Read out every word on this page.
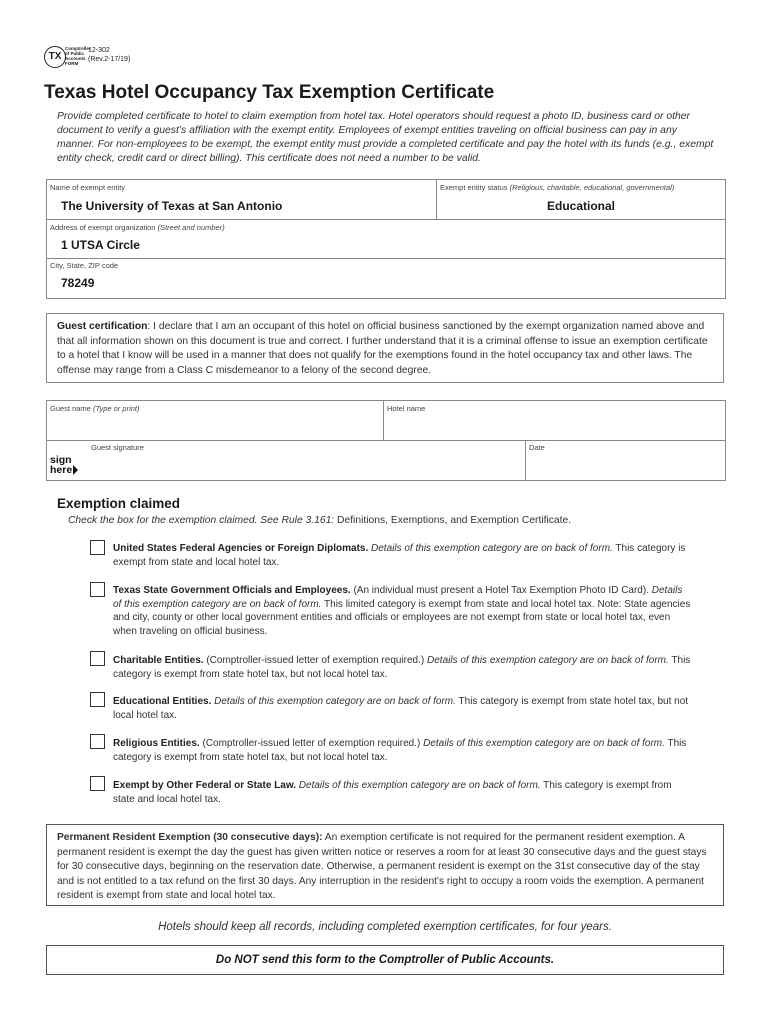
TX
Comptroller
of Public
Accounts
FORM
12-302
(Rev.2-17/19)
Texas Hotel Occupancy Tax Exemption Certificate

Provide completed certificate to hotel to claim exemption from hotel tax. Hotel operators should request a photo ID, business card or other document to verify a guest’s affiliation with the exempt entity. Employees of exempt entities traveling on official business can pay in any manner. For non-employees to be exempt, the exempt entity must provide a completed certificate and pay the hotel with its funds (e.g., exempt entity check, credit card or direct billing). This certificate does not need a number to be valid.

Name of exempt entity
The University of Texas at San Antonio
Exempt entity status (Religious, charitable, educational, governmental)
Educational
Address of exempt organization (Street and number)
1 UTSA Circle
City, State, ZIP code
78249
Guest certification: I declare that I am an occupant of this hotel on official business sanctioned by the exempt organization named above and that all information shown on this document is true and correct. I further understand that it is a criminal offense to issue an exemption certificate to a hotel that I know will be used in a manner that does not qualify for the exemptions found in the hotel occupancy tax and other laws. The offense may range from a Class C misdemeanor to a felony of the second degree.
Guest name (Type or print)	Hotel name
Guest signature
sign
here
Date
Exemption claimed
Check the box for the exemption claimed. See Rule 3.161: Definitions, Exemptions, and Exemption Certificate.
United States Federal Agencies or Foreign Diplomats. Details of this exemption category are on back of form. This category is exempt from state and local hotel tax.
Texas State Government Officials and Employees. (An individual must present a Hotel Tax Exemption Photo ID Card). Details of this exemption category are on back of form. This limited category is exempt from state and local hotel tax. Note: State agencies and city, county or other local government entities and officials or employees are not exempt from state or local hotel tax, even when traveling on official business.
Charitable Entities. (Comptroller-issued letter of exemption required.) Details of this exemption category are on back of form. This category is exempt from state hotel tax, but not local hotel tax.
Educational Entities. Details of this exemption category are on back of form. This category is exempt from state hotel tax, but not local hotel tax.
Religious Entities. (Comptroller-issued letter of exemption required.) Details of this exemption category are on back of form. This category is exempt from state hotel tax, but not local hotel tax.
Exempt by Other Federal or State Law. Details of this exemption category are on back of form. This category is exempt from state and local hotel tax.
Permanent Resident Exemption (30 consecutive days): An exemption certificate is not required for the permanent resident exemption. A permanent resident is exempt the day the guest has given written notice or reserves a room for at least 30 consecutive days and the guest stays for 30 consecutive days, beginning on the reservation date. Otherwise, a permanent resident is exempt on the 31st consecutive day of the stay and is not entitled to a tax refund on the first 30 days. Any interruption in the resident's right to occupy a room voids the exemption. A permanent resident is exempt from state and local hotel tax.
Hotels should keep all records, including completed exemption certificates, for four years.
Do NOT send this form to the Comptroller of Public Accounts.
